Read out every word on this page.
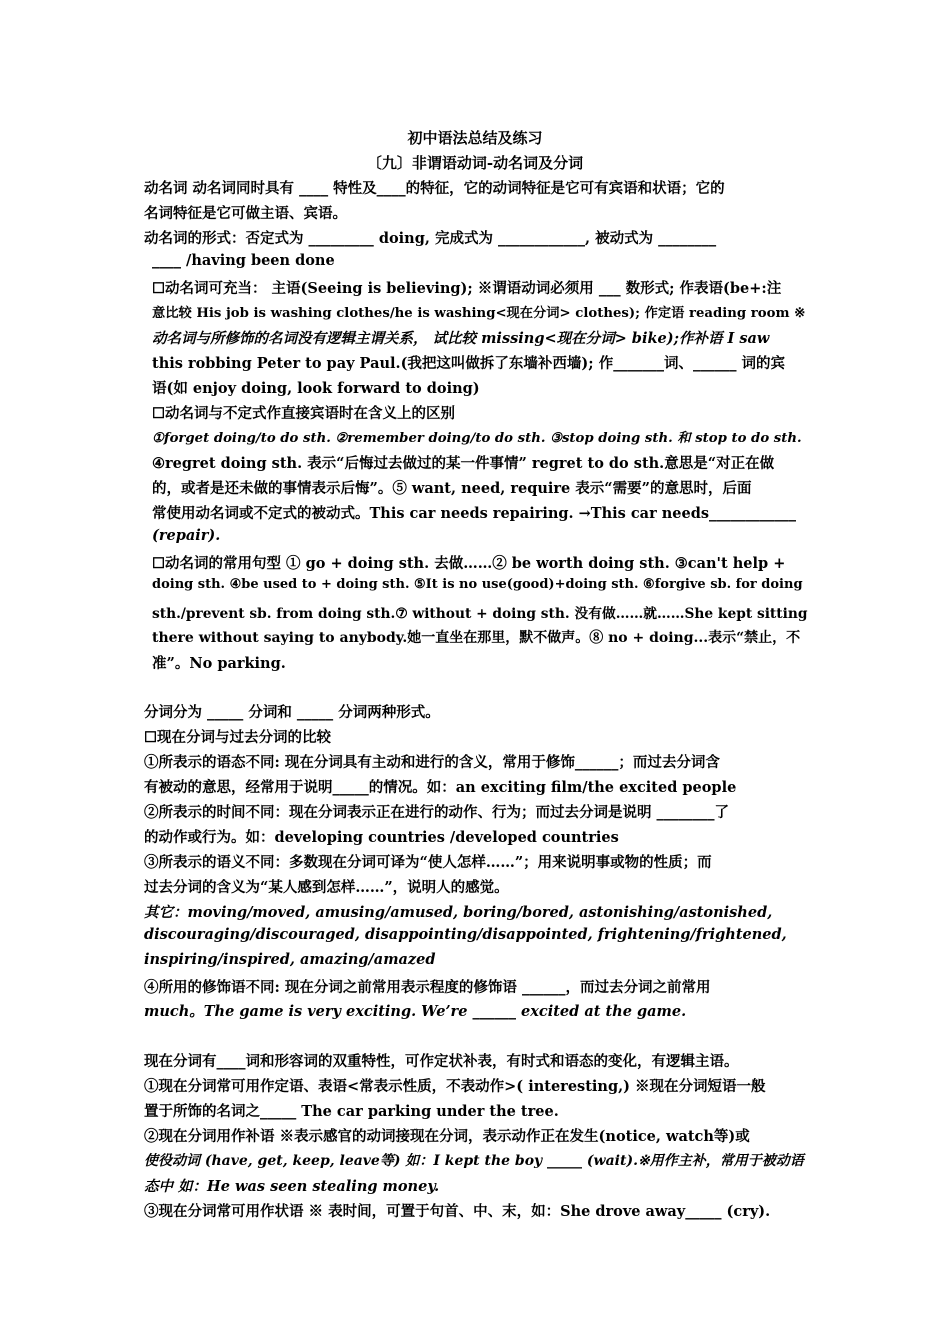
初中语法总结及练习
〔九〕非谓语动词-动名词及分词
动名词 动名词同时具有 ____ 特性及____的特征，它的动词特征是它可有宾语和状语；它的
名词特征是它可做主语、宾语。
动名词的形式：否定式为 _________ doing, 完成式为 ____________, 被动式为 ________
____ /having been done
☐动名词可充当： 主语(Seeing is believing); ※谓语动词必须用 ___ 数形式; 作表语(be+:注
意比较 His job is washing clothes/he is washing<现在分词> clothes); 作定语 reading room ※
动名词与所修饰的名词没有逻辑主谓关系， 试比较 missing<现在分词> bike);作补语 I saw
this robbing Peter to pay Paul.(我把这叫做拆了东墙补西墙); 作_______词、______ 词的宾
语(如 enjoy doing, look forward to doing)
☐动名词与不定式作直接宾语时在含义上的区别
①forget doing/to do sth. ②remember doing/to do sth. ③stop doing sth. 和 stop to do sth.
④regret doing sth. 表示“后悔过去做过的某一件事情” regret to do sth.意思是“对正在做
的，或者是还未做的事情表示后悔”。⑤ want, need, require 表示“需要”的意思时，后面
常使用动名词或不定式的被动式。This car needs repairing. →This car needs____________
(repair).
☐动名词的常用句型 ① go + doing sth. 去做……② be worth doing sth. ③can't help +
doing sth. ④be used to + doing sth. ⑤It is no use(good)+doing sth. ⑥forgive sb. for doing
sth./prevent sb. from doing sth.⑦ without + doing sth. 没有做……就……She kept sitting
there without saying to anybody.她一直坐在那里，默不做声。⑧ no + doing...表示“禁止，不
准”。No parking.
分词分为 _____ 分词和 _____ 分词两种形式。
☐现在分词与过去分词的比较
①所表示的语态不同: 现在分词具有主动和进行的含义，常用于修饰______；而过去分词含
有被动的意思，经常用于说明_____的情况。如：an exciting film/the excited people
②所表示的时间不同：现在分词表示正在进行的动作、行为；而过去分词是说明 ________了
的动作或行为。如：developing countries /developed countries
③所表示的语义不同：多数现在分词可译为“使人怎样……”；用来说明事或物的性质；而
过去分词的含义为“某人感到怎样……”，说明人的感觉。
其它：moving/moved, amusing/amused, boring/bored, astonishing/astonished,
discouraging/discouraged, disappointing/disappointed, frightening/frightened,
inspiring/inspired, amazing/amazed
④所用的修饰语不同: 现在分词之前常用表示程度的修饰语 ______，而过去分词之前常用
much。The game is very exciting. We’re ______ excited at the game.
现在分词有____词和形容词的双重特性，可作定状补表，有时式和语态的变化，有逻辑主语。
①现在分词常可用作定语、表语<常表示性质，不表动作>( interesting,) ※现在分词短语一般
置于所饰的名词之_____ The car parking under the tree.
②现在分词用作补语 ※表示感官的动词接现在分词，表示动作正在发生(notice, watch等)或
使役动词 (have, get, keep, leave等) 如：I kept the boy _____ (wait).※用作主补，常用于被动语
态中 如：He was seen stealing money.
③现在分词常可用作状语 ※ 表时间，可置于句首、中、末，如：She drove away_____ (cry).
